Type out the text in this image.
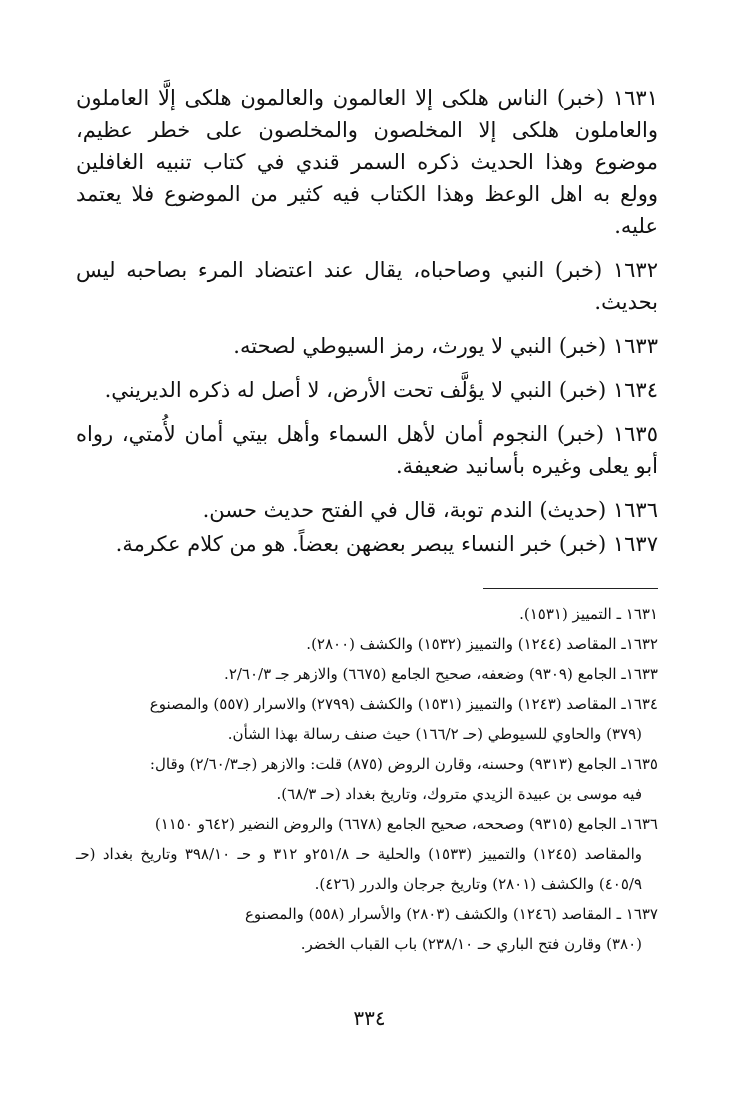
١٦٣١ (خبر) الناس هلكى إلا العالمون والعالمون هلكى إلَّا العاملون والعاملون هلكى إلا المخلصون والمخلصون على خطر عظيم، موضوع وهذا الحديث ذكره السمر قندي في كتاب تنبيه الغافلين وولع به اهل الوعظ وهذا الكتاب فيه كثير من الموضوع فلا يعتمد عليه.

١٦٣٢ (خبر) النبي وصاحباه، يقال عند اعتضاد المرء بصاحبه ليس بحديث.

١٦٣٣ (خبر) النبي لا يورث، رمز السيوطي لصحته.

١٦٣٤ (خبر) النبي لا يؤلَّف تحت الأرض، لا أصل له ذكره الديريني.

١٦٣٥ (خبر) النجوم أمان لأهل السماء وأهل بيتي أمان لأُمتي، رواه أبو يعلى وغيره بأسانيد ضعيفة.

١٦٣٦ (حديث) الندم توبة، قال في الفتح حديث حسن.

١٦٣٧ (خبر) خبر النساء يبصر بعضهن بعضاً. هو من كلام عكرمة.

١٦٣١ ـ التمييز (١٥٣١).

١٦٣٢ـ المقاصد (١٢٤٤) والتمييز (١٥٣٢) والكشف (٢٨٠٠).

١٦٣٣ـ الجامع (٩٣٠٩) وضعفه، صحيح الجامع (٦٦٧٥) والازهر جـ ٢/٦٠/٣.

١٦٣٤ـ المقاصد (١٢٤٣) والتمييز (١٥٣١) والكشف (٢٧٩٩) والاسرار (٥٥٧) والمصنوع
(٣٧٩) والحاوي للسيوطي (حـ ١٦٦/٢) حيث صنف رسالة بهذا الشأن.

١٦٣٥ـ الجامع (٩٣١٣) وحسنه، وقارن الروض (٨٧٥) قلت: والازهر (جـ٢/٦٠/٣) وقال:
فيه موسى بن عبيدة الزيدي متروك، وتاريخ بغداد (حـ ٦٨/٣).

١٦٣٦ـ الجامع (٩٣١٥) وصححه، صحيح الجامع (٦٦٧٨) والروض النضير (٦٤٢و ١١٥٠)
والمقاصد (١٢٤٥) والتمييز (١٥٣٣) والحلية حـ ٢٥١/٨و ٣١٢ و حـ ٣٩٨/١٠ وتاريخ بغداد (حـ ٤٠٥/٩) والكشف (٢٨٠١) وتاريخ جرجان والدرر (٤٢٦).

١٦٣٧ ـ المقاصد (١٢٤٦) والكشف (٢٨٠٣) والأسرار (٥٥٨) والمصنوع
(٣٨٠) وقارن فتح الباري حـ ٢٣٨/١٠) باب القباب الخضر.

٣٣٤
